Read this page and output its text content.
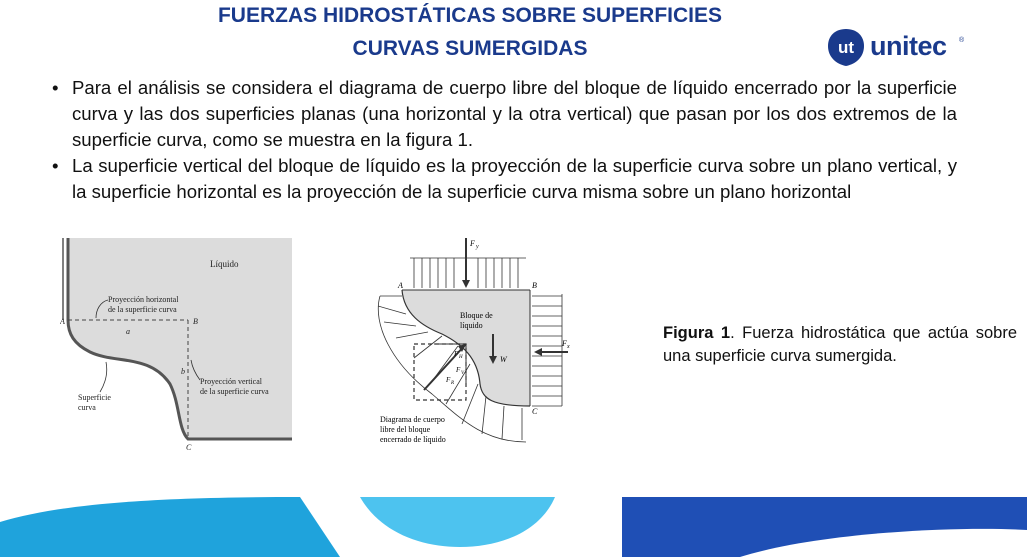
FUERZAS HIDROSTÁTICAS SOBRE SUPERFICIES
CURVAS SUMERGIDAS	ut unitec ®
• Para el análisis se considera el diagrama de cuerpo libre del bloque de líquido encerrado por la superficie curva y las dos superficies planas (una horizontal y la otra vertical) que pasan por los dos extremos de la superficie curva, como se muestra en la figura 1.
• La superficie vertical del bloque de líquido es la proyección de la superficie curva sobre un plano vertical, y la superficie horizontal es la proyección de la superficie curva misma sobre un plano horizontal
Líquido
Proyección horizontal
de la superficie curva
A	B
a
b
Proyección vertical
de la superficie curva
Superficie
curva
C
F y
F x
F H
F V
F R
W
Bloque de
líquido
A	B
C
Diagrama de cuerpo
libre del bloque
encerrado de líquido
Figura 1. Fuerza hidrostática que actúa sobre una superficie curva sumergida.
